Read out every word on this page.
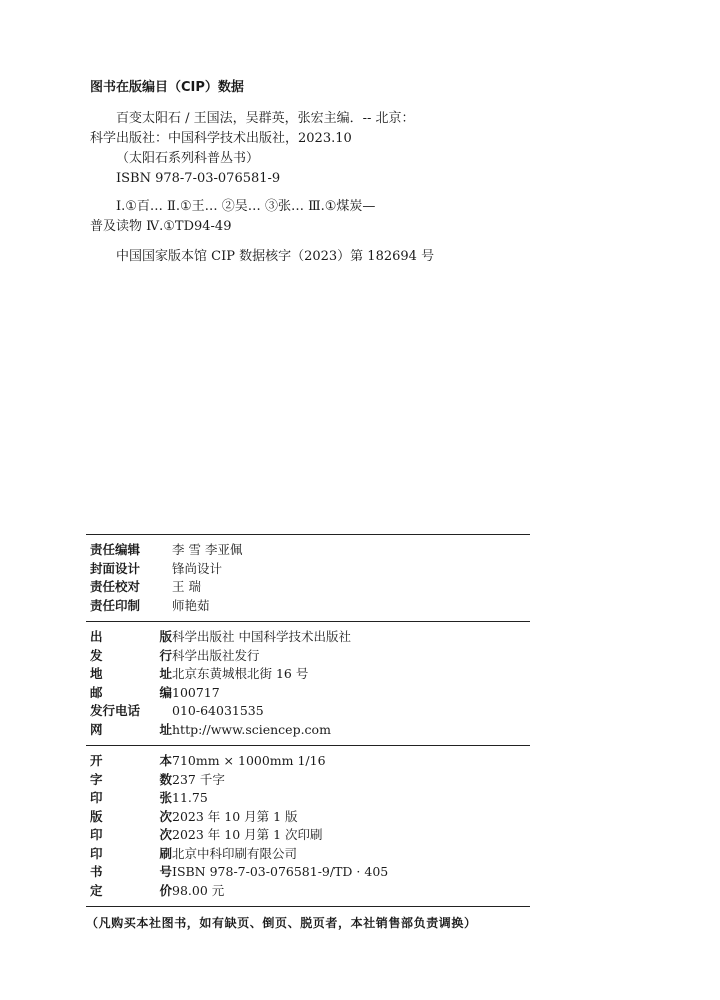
图书在版编目（CIP）数据
百变太阳石 / 王国法，吴群英，张宏主编．-- 北京：
科学出版社：中国科学技术出版社，2023.10
（太阳石系列科普丛书）
ISBN 978-7-03-076581-9
Ⅰ.①百… Ⅱ.①王… ②吴… ③张… Ⅲ.①煤炭—
普及读物 Ⅳ.①TD94-49
中国国家版本馆 CIP 数据核字（2023）第 182694 号
责任编辑	李 雪 李亚佩
封面设计	锋尚设计
责任校对	王 瑞
责任印制	师艳茹
出	版 科学出版社 中国科学技术出版社
发	行 科学出版社发行
地	址 北京东黄城根北街 16 号
邮	编 100717
发行电话	010-64031535
网	址 http://www.sciencep.com
开	本 710mm × 1000mm 1/16
字	数 237 千字
印	张 11.75
版	次 2023 年 10 月第 1 版
印	次 2023 年 10 月第 1 次印刷
印	刷 北京中科印刷有限公司
书	号 ISBN 978-7-03-076581-9/TD · 405
定	价 98.00 元
（凡购买本社图书，如有缺页、倒页、脱页者，本社销售部负责调换）
